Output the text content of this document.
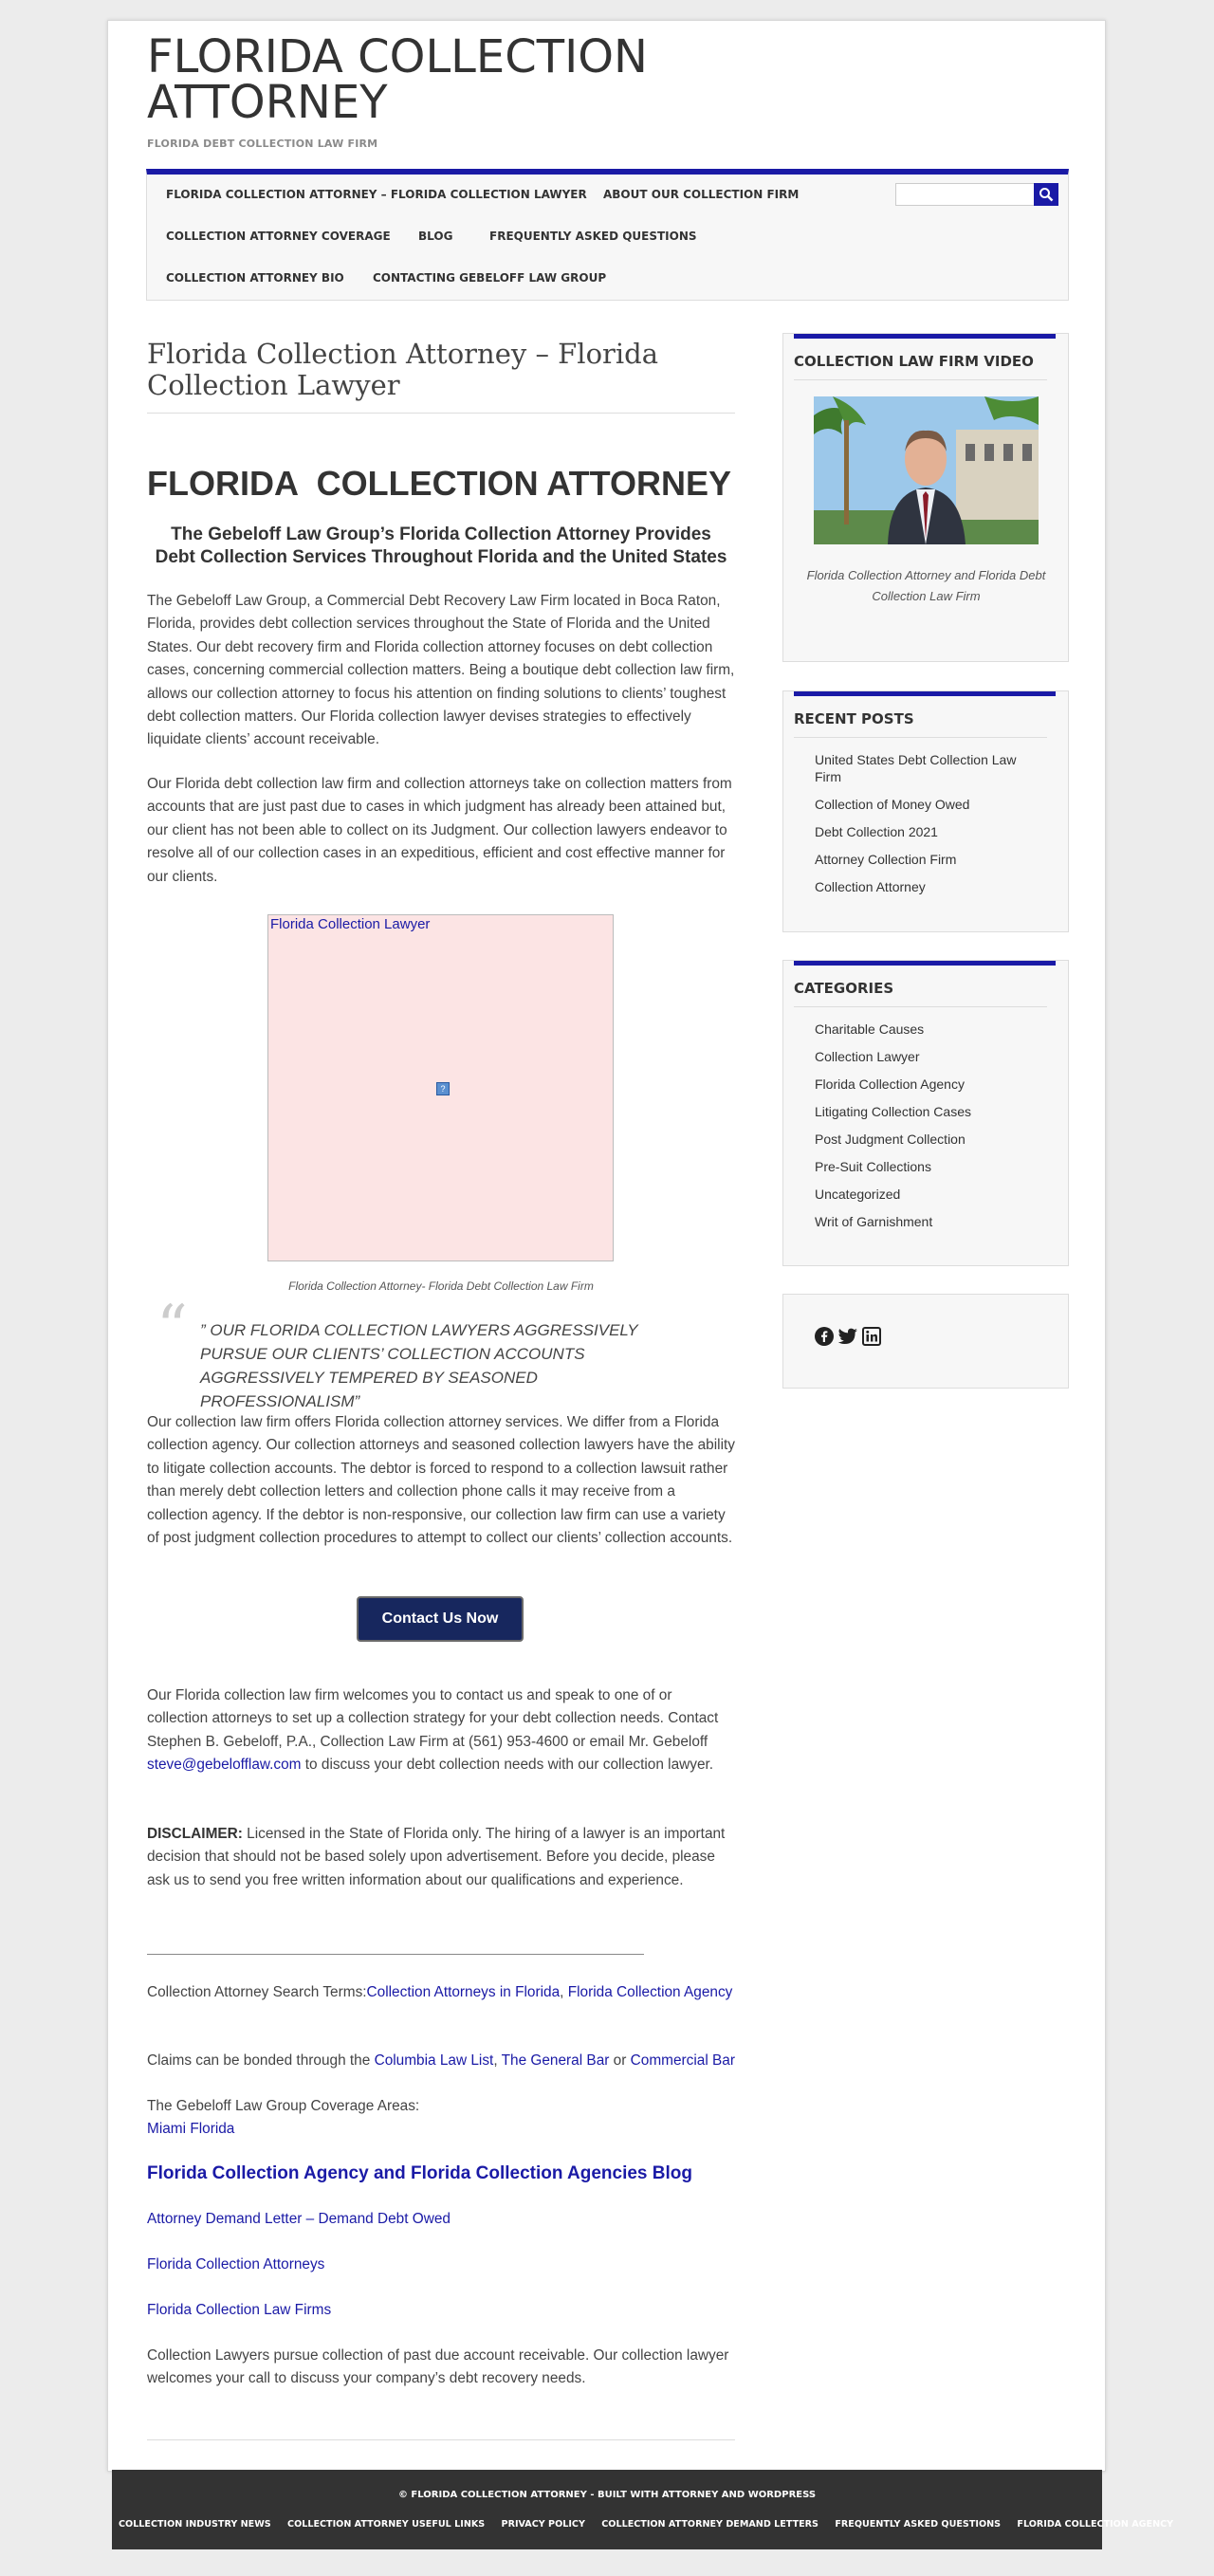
FLORIDA COLLECTION ATTORNEY
FLORIDA DEBT COLLECTION LAW FIRM
FLORIDA COLLECTION ATTORNEY – FLORIDA COLLECTION LAWYER ABOUT OUR COLLECTION FIRM
COLLECTION ATTORNEY COVERAGE BLOG	FREQUENTLY ASKED QUESTIONS
COLLECTION ATTORNEY BIO	CONTACTING GEBELOFF LAW GROUP
Florida Collection Attorney – Florida Collection Lawyer
FLORIDA  COLLECTION ATTORNEY
The Gebeloff Law Group’s Florida Collection Attorney Provides
Debt Collection Services Throughout Florida and the United States
The Gebeloff Law Group, a Commercial Debt Recovery Law Firm located in Boca Raton, Florida, provides debt collection services throughout the State of Florida and the United States. Our debt recovery firm and Florida collection attorney focuses on debt collection cases, concerning commercial collection matters. Being a boutique debt collection law firm, allows our collection attorney to focus his attention on finding solutions to clients’ toughest debt collection matters. Our Florida collection lawyer devises strategies to effectively liquidate clients’ account receivable.
Our Florida debt collection law firm and collection attorneys take on collection matters from accounts that are just past due to cases in which judgment has already been attained but, our client has not been able to collect on its Judgment. Our collection lawyers endeavor to resolve all of our collection cases in an expeditious, efficient and cost effective manner for our clients.
Florida Collection Lawyer
?
Florida Collection Attorney- Florida Debt Collection Law Firm
“ ” OUR FLORIDA COLLECTION LAWYERS AGGRESSIVELY PURSUE OUR CLIENTS’ COLLECTION ACCOUNTS AGGRESSIVELY TEMPERED BY SEASONED PROFESSIONALISM”
Our collection law firm offers Florida collection attorney services. We differ from a Florida collection agency. Our collection attorneys and seasoned collection lawyers have the ability to litigate collection accounts. The debtor is forced to respond to a collection lawsuit rather than merely debt collection letters and collection phone calls it may receive from a collection agency. If the debtor is non-responsive, our collection law firm can use a variety of post judgment collection procedures to attempt to collect our clients’ collection accounts.
Contact Us Now
Our Florida collection law firm welcomes you to contact us and speak to one of or collection attorneys to set up a collection strategy for your debt collection needs. Contact Stephen B. Gebeloff, P.A., Collection Law Firm at (561) 953-4600 or email Mr. Gebeloff steve@gebelofflaw.com to discuss your debt collection needs with our collection lawyer.
DISCLAIMER: Licensed in the State of Florida only. The hiring of a lawyer is an important decision that should not be based solely upon advertisement. Before you decide, please ask us to send you free written information about our qualifications and experience.
Collection Attorney Search Terms:Collection Attorneys in Florida, Florida Collection Agency
Claims can be bonded through the Columbia Law List, The General Bar or Commercial Bar
The Gebeloff Law Group Coverage Areas:
Miami Florida
Florida Collection Agency and Florida Collection Agencies Blog
Attorney Demand Letter – Demand Debt Owed
Florida Collection Attorneys
Florida Collection Law Firms
Collection Lawyers pursue collection of past due account receivable. Our collection lawyer welcomes your call to discuss your company’s debt recovery needs.
COLLECTION LAW FIRM VIDEO
Florida Collection Attorney and Florida Debt Collection Law Firm
RECENT POSTS
United States Debt Collection Law Firm
Collection of Money Owed
Debt Collection 2021
Attorney Collection Firm
Collection Attorney
CATEGORIES
Charitable Causes
Collection Lawyer
Florida Collection Agency
Litigating Collection Cases
Post Judgment Collection
Pre-Suit Collections
Uncategorized
Writ of Garnishment
© FLORIDA COLLECTION ATTORNEY - BUILT WITH ATTORNEY AND WORDPRESS
COLLECTION INDUSTRY NEWS COLLECTION ATTORNEY USEFUL LINKS PRIVACY POLICY COLLECTION ATTORNEY DEMAND LETTERS FREQUENTLY ASKED QUESTIONS FLORIDA COLLECTION AGENCY
